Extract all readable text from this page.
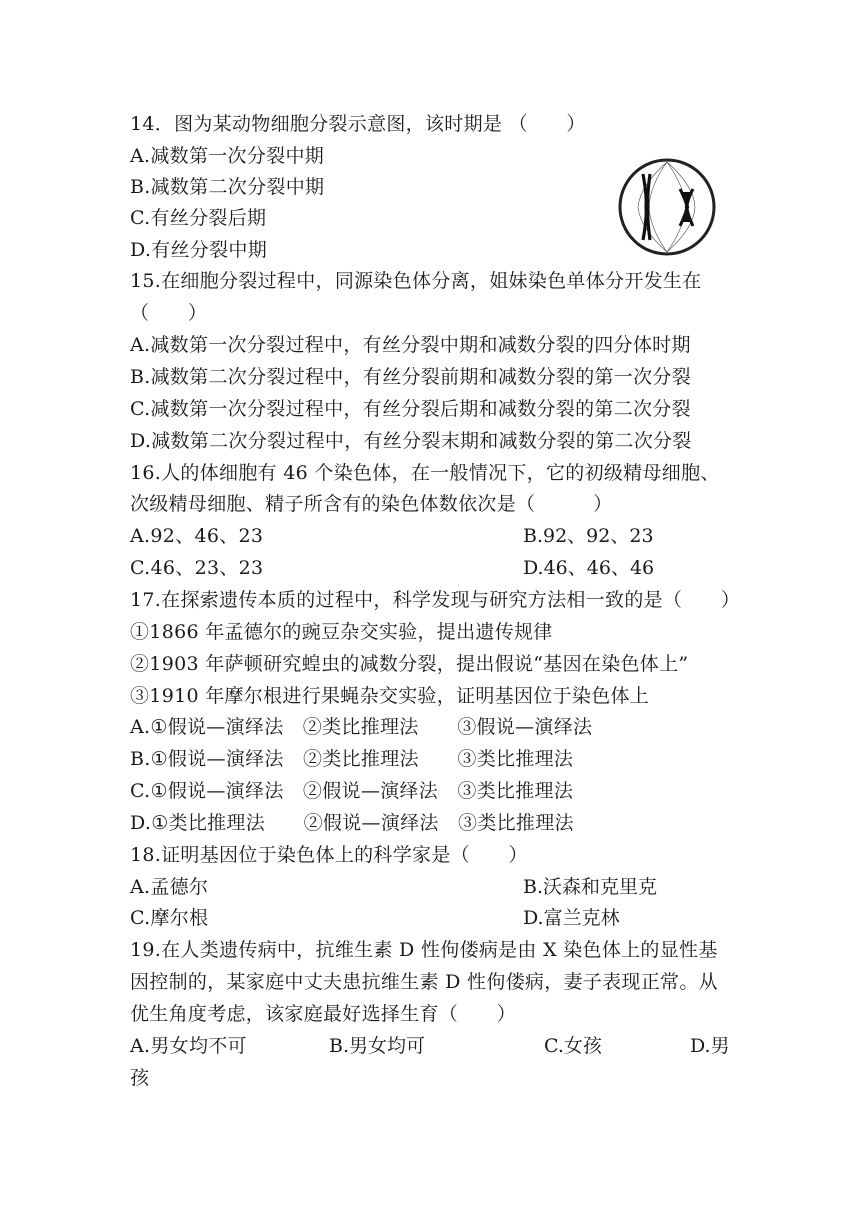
14．图为某动物细胞分裂示意图，该时期是 （　　）
A.减数第一次分裂中期
B.减数第二次分裂中期
C.有丝分裂后期
D.有丝分裂中期
15.在细胞分裂过程中，同源染色体分离，姐妹染色单体分开发生在
（　　）
A.减数第一次分裂过程中，有丝分裂中期和减数分裂的四分体时期
B.减数第二次分裂过程中，有丝分裂前期和减数分裂的第一次分裂
C.减数第一次分裂过程中，有丝分裂后期和减数分裂的第二次分裂
D.减数第二次分裂过程中，有丝分裂末期和减数分裂的第二次分裂
16.人的体细胞有 46 个染色体，在一般情况下，它的初级精母细胞、
次级精母细胞、精子所含有的染色体数依次是（　　　）
A.92、46、23	B.92、92、23
C.46、23、23	D.46、46、46
17.在探索遗传本质的过程中，科学发现与研究方法相一致的是（　　）
①1866 年孟德尔的豌豆杂交实验，提出遗传规律
②1903 年萨顿研究蝗虫的减数分裂，提出假说“基因在染色体上”
③1910 年摩尔根进行果蝇杂交实验，证明基因位于染色体上
A.①假说—演绎法　②类比推理法　　③假说—演绎法
B.①假说—演绎法　②类比推理法　　③类比推理法
C.①假说—演绎法　②假说—演绎法　③类比推理法
D.①类比推理法　　②假说—演绎法　③类比推理法
18.证明基因位于染色体上的科学家是（　　）
A.孟德尔	B.沃森和克里克
C.摩尔根	D.富兰克林
19.在人类遗传病中，抗维生素 D 性佝偻病是由 X 染色体上的显性基
因控制的，某家庭中丈夫患抗维生素 D 性佝偻病，妻子表现正常。从
优生角度考虑，该家庭最好选择生育（　　）
A.男女均不可	B.男女均可	C.女孩	D.男
孩
